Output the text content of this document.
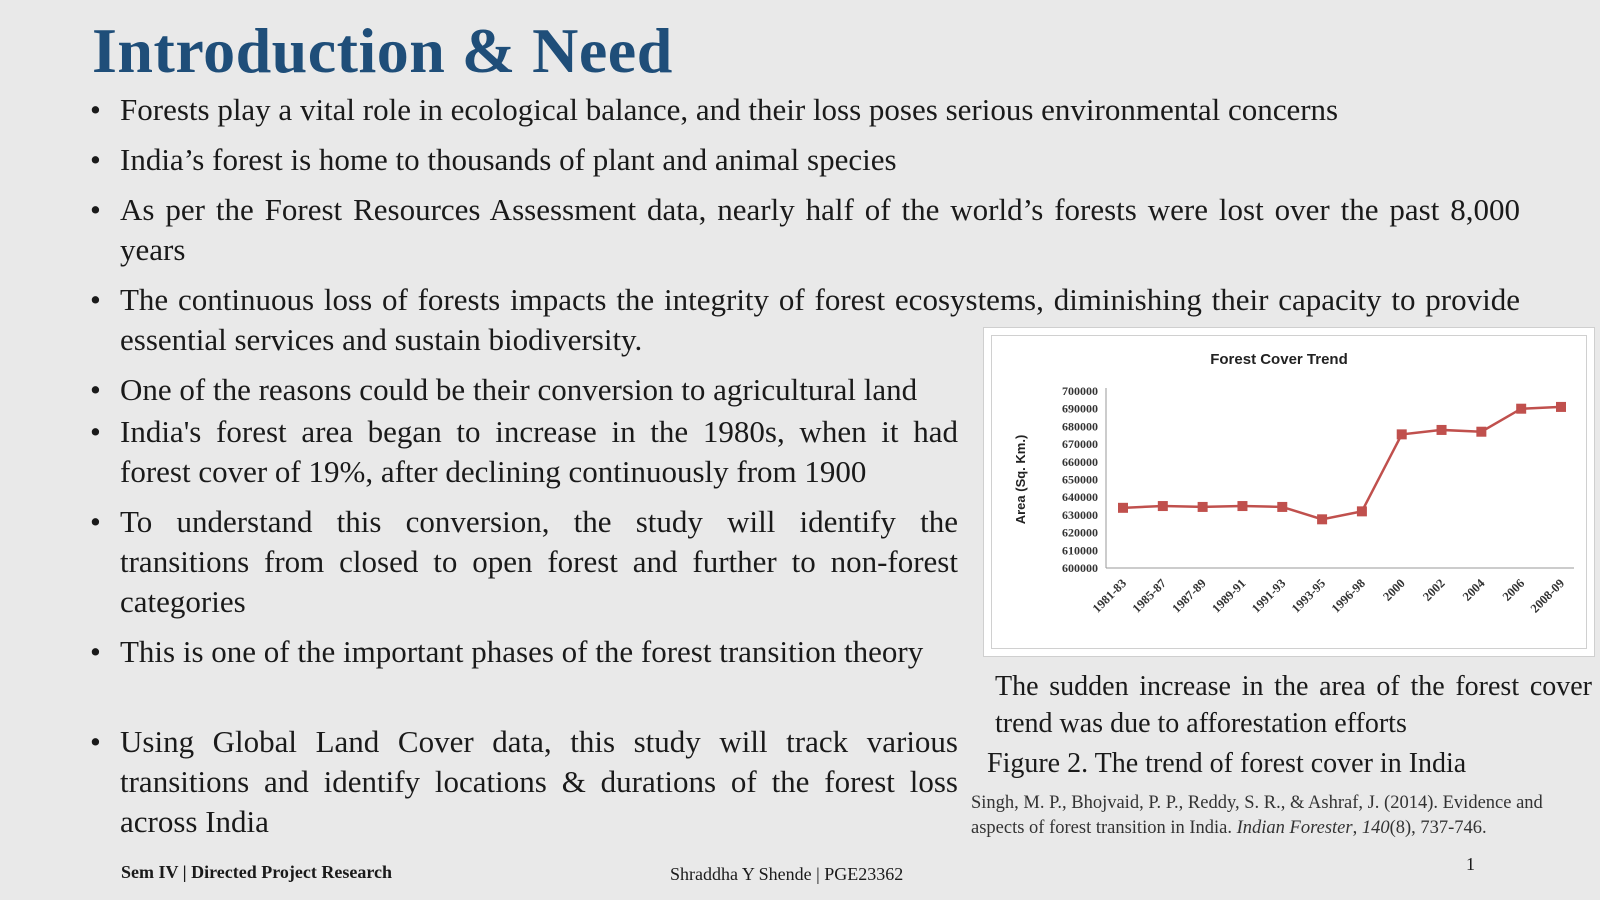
Introduction & Need
• Forests play a vital role in ecological balance, and their loss poses serious environmental concerns
• India’s forest is home to thousands of plant and animal species
• As per the Forest Resources Assessment data, nearly half of the world’s forests were lost over the past 8,000 years
• The continuous loss of forests impacts the integrity of forest ecosystems, diminishing their capacity to provide essential services and sustain biodiversity.
• One of the reasons could be their conversion to agricultural land
• India's forest area began to increase in the 1980s, when it had forest cover of 19%, after declining continuously from 1900
• To understand this conversion, the study will identify the transitions from closed to open forest and further to non-forest categories
• This is one of the important phases of the forest transition theory
• Using Global Land Cover data, this study will track various transitions and identify locations & durations of the forest loss across India
Forest Cover Trend
600000
610000
620000
630000
640000
650000
660000
670000
680000
690000
700000
Area (Sq. Km.)
1981-83 1985-87 1987-89 1989-91 1991-93 1993-95 1996-98 2000 2002 2004 2006 2008-09
The sudden increase in the area of the forest cover trend was due to afforestation efforts
Figure 2. The trend of forest cover in India
Singh, M. P., Bhojvaid, P. P., Reddy, S. R., & Ashraf, J. (2014). Evidence and aspects of forest transition in India. Indian Forester, 140(8), 737-746.
Sem IV | Directed Project Research	Shraddha Y Shende | PGE23362	1
